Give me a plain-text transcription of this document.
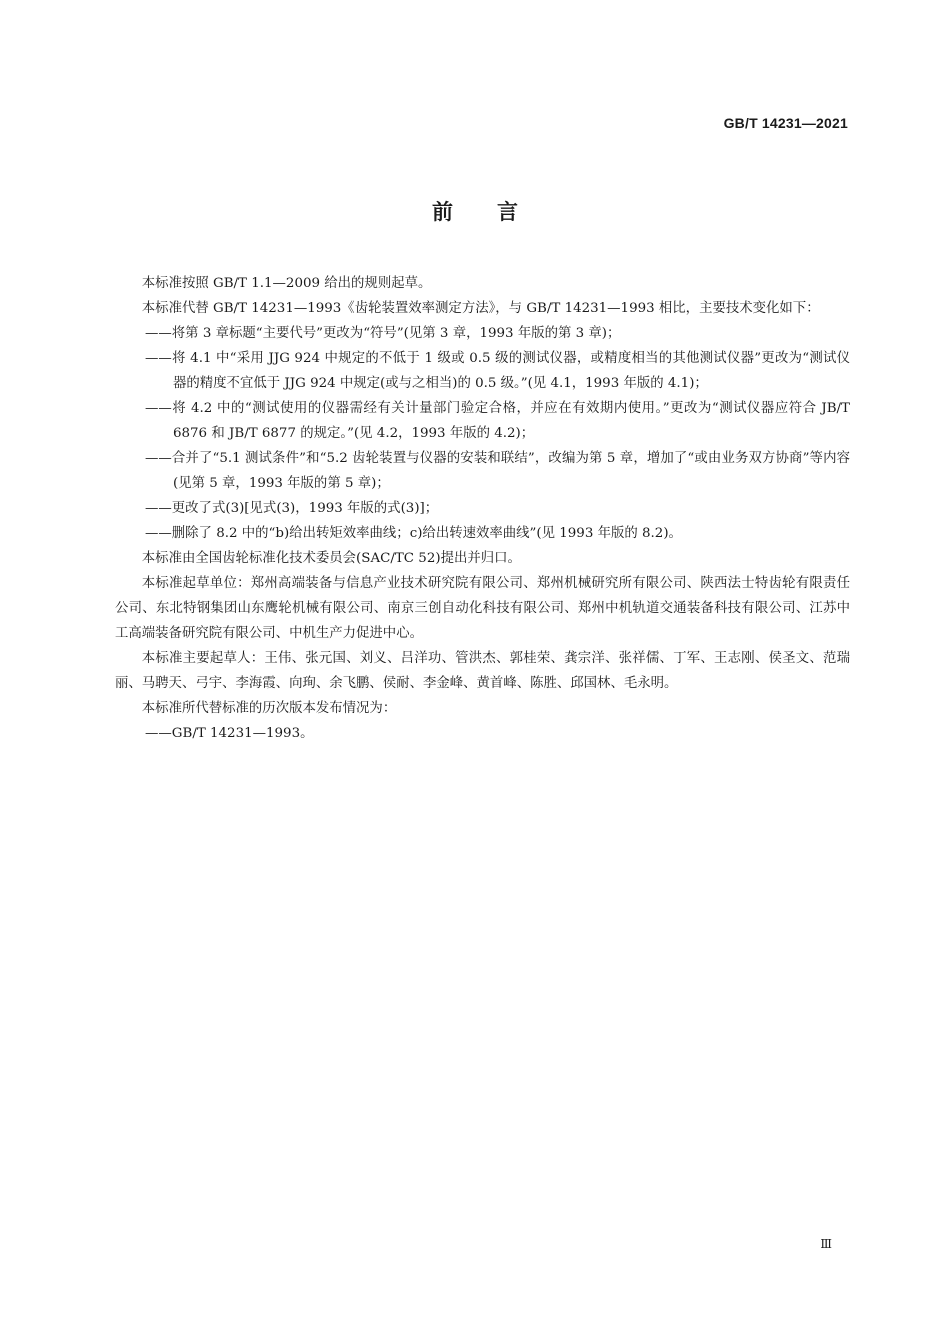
GB/T 14231—2021
前言

本标准按照 GB/T 1.1—2009 给出的规则起草。

本标准代替 GB/T 14231—1993《齿轮装置效率测定方法》，与 GB/T 14231—1993 相比，主要技术变化如下：

——将第 3 章标题“主要代号”更改为“符号”(见第 3 章，1993 年版的第 3 章)；

——将 4.1 中“采用 JJG 924 中规定的不低于 1 级或 0.5 级的测试仪器，或精度相当的其他测试仪器”更改为“测试仪器的精度不宜低于 JJG 924 中规定(或与之相当)的 0.5 级。”(见 4.1，1993 年版的 4.1)；

——将 4.2 中的“测试使用的仪器需经有关计量部门验定合格，并应在有效期内使用。”更改为“测试仪器应符合 JB/T 6876 和 JB/T 6877 的规定。”(见 4.2，1993 年版的 4.2)；

——合并了“5.1 测试条件”和“5.2 齿轮装置与仪器的安装和联结”，改编为第 5 章，增加了“或由业务双方协商”等内容(见第 5 章，1993 年版的第 5 章)；

——更改了式(3)[见式(3)，1993 年版的式(3)]；

——删除了 8.2 中的“b)给出转矩效率曲线；c)给出转速效率曲线”(见 1993 年版的 8.2)。

本标准由全国齿轮标准化技术委员会(SAC/TC 52)提出并归口。

本标准起草单位：郑州高端装备与信息产业技术研究院有限公司、郑州机械研究所有限公司、陕西法士特齿轮有限责任公司、东北特钢集团山东鹰轮机械有限公司、南京三创自动化科技有限公司、郑州中机轨道交通装备科技有限公司、江苏中工高端装备研究院有限公司、中机生产力促进中心。

本标准主要起草人：王伟、张元国、刘义、吕洋功、管洪杰、郭桂荣、龚宗洋、张祥儒、丁军、王志刚、侯圣文、范瑞丽、马聘天、弓宇、李海霞、向珣、余飞鹏、侯耐、李金峰、黄首峰、陈胜、邱国林、毛永明。

本标准所代替标准的历次版本发布情况为：

——GB/T 14231—1993。

Ⅲ
